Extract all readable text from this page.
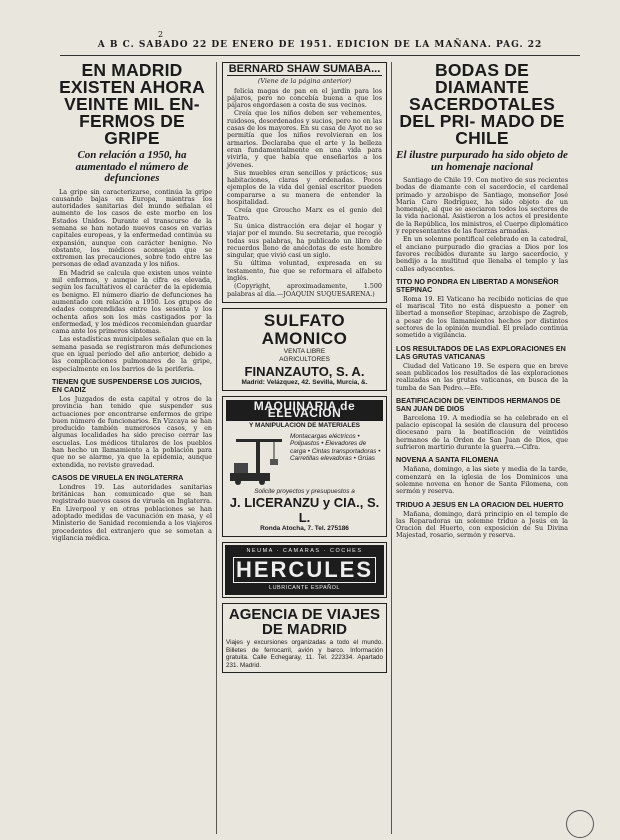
2
A B C. SABADO 22 DE ENERO DE 1951. EDICION DE LA MAÑANA. PAG. 22
EN MADRID EXISTEN AHORA VEINTE MIL EN- FERMOS DE GRIPE
Con relación a 1950, ha aumentado el número de defunciones

La gripe sin caracterizarse, continúa la gripe causando bajas en Europa, mientras los autoridades sanitarias del mundo señalan el aumento de los casos de este morbo en los Estados Unidos. Durante el transcurso de la semana se han notado nuevos casos en varias capitales europeas, y la enfermedad continúa su expansión, aunque con carácter benigno. No obstante, los médicos aconsejan que se extremen las precauciones, sobre todo entre las personas de edad avanzada y los niños.

En Madrid se calcula que existen unos veinte mil enfermos, y aunque la cifra es elevada, según los facultativos el carácter de la epidemia es benigno. El número diario de defunciones ha aumentado con relación a 1950. Los grupos de edades comprendidas entre los sesenta y los ochenta años son los más castigados por la enfermedad, y los médicos recomiendan guardar cama ante los primeros síntomas.

Las estadísticas municipales señalan que en la semana pasada se registraron más defunciones que en igual período del año anterior, debido a las complicaciones pulmonares de la gripe, especialmente en los barrios de la periferia.

TIENEN QUE SUSPENDERSE LOS JUICIOS, EN CADIZ

Los Juzgados de esta capital y otros de la provincia han tenido que suspender sus actuaciones por encontrarse enfermos de gripe buen número de funcionarios. En Vizcaya se han producido también numerosos casos, y en algunas localidades ha sido preciso cerrar las escuelas. Los médicos titulares de los pueblos han hecho un llamamiento a la población para que no se alarme, ya que la epidemia, aunque extendida, no reviste gravedad.

CASOS DE VIRUELA EN INGLATERRA

Londres 19. Las autoridades sanitarias británicas han comunicado que se han registrado nuevos casos de viruela en Inglaterra. En Liverpool y en otras poblaciones se han adoptado medidas de vacunación en masa, y el Ministerio de Sanidad recomienda a los viajeros procedentes del extranjero que se sometan a vigilancia médica.

BERNARD SHAW SUMABA...
(Viene de la página anterior)

felicia magas de pan en el jardín para los pájaros, pero no concebía buena a que los pájaros engordasen a costa de sus vecinos.

Creía que los niños deben ser vehementes, ruidosos, desordenados y sucios, pero no en las casas de los mayores. En su casa de Ayot no se permitía que los niños revolvieran en los armarios. Declaraba que el arte y la belleza eran fundamentalmente en una vida para vivirla, y que había que enseñarlos a los jóvenes.

Sus muebles eran sencillos y prácticos; sus habitaciones, claras y ordenadas. Pocos ejemplos de la vida del genial escritor pueden compararse a su manera de entender la hospitalidad.

Creía que Groucho Marx es el genio del Teatro.

Su única distracción era dejar el hogar y viajar por el mundo. Su secretaria, que recogió todas sus palabras, ha publicado un libro de recuerdos lleno de anécdotas de este hombre singular, que vivió casi un siglo.

Su última voluntad, expresada en su testamento, fue que se reformara el alfabeto inglés.

(Copyright, aproximadamente, 1.500 palabras al día.—JOAQUIN SUQUESARENA.)

SULFATO AMONICO
VENTA LIBRE
AGRICULTORES
FINANZAUTO, S. A.
Madrid: Velázquez, 42. Sevilla, Murcia, &.
MAQUINARIA de ELEVACION
Y MANIPULACION DE MATERIALES
Montacargas eléctricos • Polipastos • Elevadores de carga • Cintas transportadoras • Carretillas elevadoras • Grúas
Solicite proyectos y presupuestos a
J. LICERANZU y CIA., S. L.
Ronda Atocha, 7. Tel. 275186
NEUMA · CAMARAS · COCHES
HERCULES
LUBRICANTE ESPAÑOL
AGENCIA DE VIAJES DE MADRID
Viajes y excursiones organizadas a todo el mundo. Billetes de ferrocarril, avión y barco. Información gratuita. Calle Echegaray, 11. Tel. 222334. Apartado 231. Madrid.
BODAS DE DIAMANTE SACERDOTALES DEL PRI- MADO DE CHILE
El ilustre purpurado ha sido objeto de un homenaje nacional

Santiago de Chile 19. Con motivo de sus recientes bodas de diamante con el sacerdocio, el cardenal primado y arzobispo de Santiago, monseñor José María Caro Rodríguez, ha sido objeto de un homenaje, al que se asociaron todos los sectores de la vida nacional. Asistieron a los actos el presidente de la República, los ministros, el Cuerpo diplomático y representantes de las fuerzas armadas.

En un solemne pontifical celebrado en la catedral, el anciano purpurado dio gracias a Dios por los favores recibidos durante su largo sacerdocio, y bendijo a la multitud que llenaba el templo y las calles adyacentes.

TITO NO PONDRA EN LIBERTAD A MONSEÑOR STEPINAC

Roma 19. El Vaticano ha recibido noticias de que el mariscal Tito no está dispuesto a poner en libertad a monseñor Stepinac, arzobispo de Zagreb, a pesar de los llamamientos hechos por distintos sectores de la opinión mundial. El prelado continúa sometido a vigilancia.

LOS RESULTADOS DE LAS EXPLORACIONES EN LAS GRUTAS VATICANAS

Ciudad del Vaticano 19. Se espera que en breve sean publicados los resultados de las exploraciones realizadas en las grutas vaticanas, en busca de la tumba de San Pedro.—Efe.

BEATIFICACION DE VEINTIDOS HERMANOS DE SAN JUAN DE DIOS

Barcelona 19. A mediodía se ha celebrado en el palacio episcopal la sesión de clausura del proceso diocesano para la beatificación de veintidós hermanos de la Orden de San Juan de Dios, que sufrieron martirio durante la guerra.—Cifra.

NOVENA A SANTA FILOMENA

Mañana, domingo, a las siete y media de la tarde, comenzará en la iglesia de los Dominicos una solemne novena en honor de Santa Filomena, con sermón y reserva.

TRIDUO A JESUS EN LA ORACION DEL HUERTO

Mañana, domingo, dará principio en el templo de las Reparadoras un solemne triduo a Jesús en la Oración del Huerto, con exposición de Su Divina Majestad, rosario, sermón y reserva.
